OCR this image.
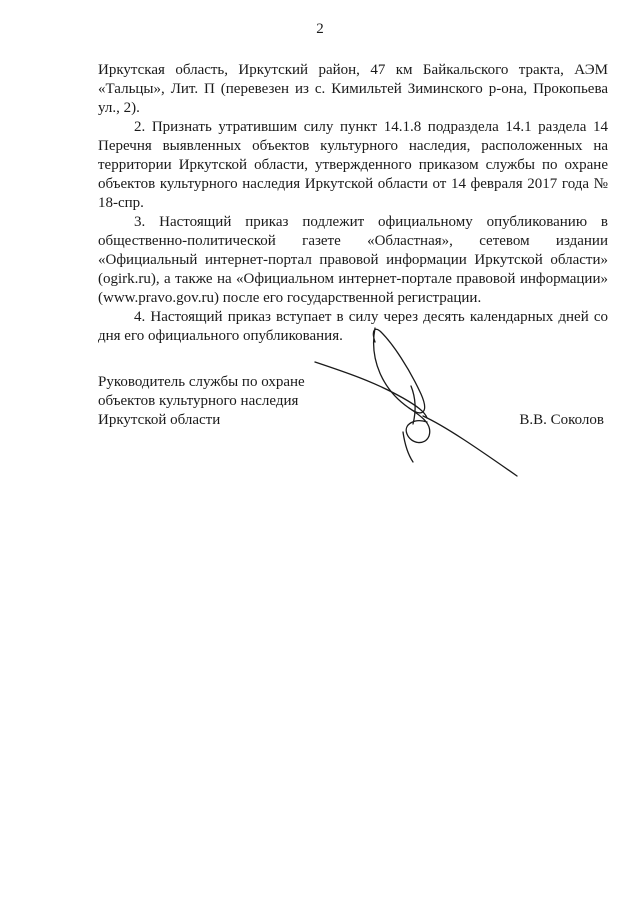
2

Иркутская область, Иркутский район, 47 км Байкальского тракта, АЭМ «Тальцы», Лит. П (перевезен из с. Кимильтей Зиминского р-она, Прокопьева ул., 2).

2. Признать утратившим силу пункт 14.1.8 подраздела 14.1 раздела 14 Перечня выявленных объектов культурного наследия, расположенных на территории Иркутской области, утвержденного приказом службы по охране объектов культурного наследия Иркутской области от 14 февраля 2017 года № 18-спр.

3. Настоящий приказ подлежит официальному опубликованию в общественно-политической газете «Областная», сетевом издании «Официальный интернет-портал правовой информации Иркутской области» (ogirk.ru), а также на «Официальном интернет-портале правовой информации» (www.pravo.gov.ru) после его государственной регистрации.

4. Настоящий приказ вступает в силу через десять календарных дней со дня его официального опубликования.

Руководитель службы по охране
объектов культурного наследия
Иркутской области	В.В. Соколов
